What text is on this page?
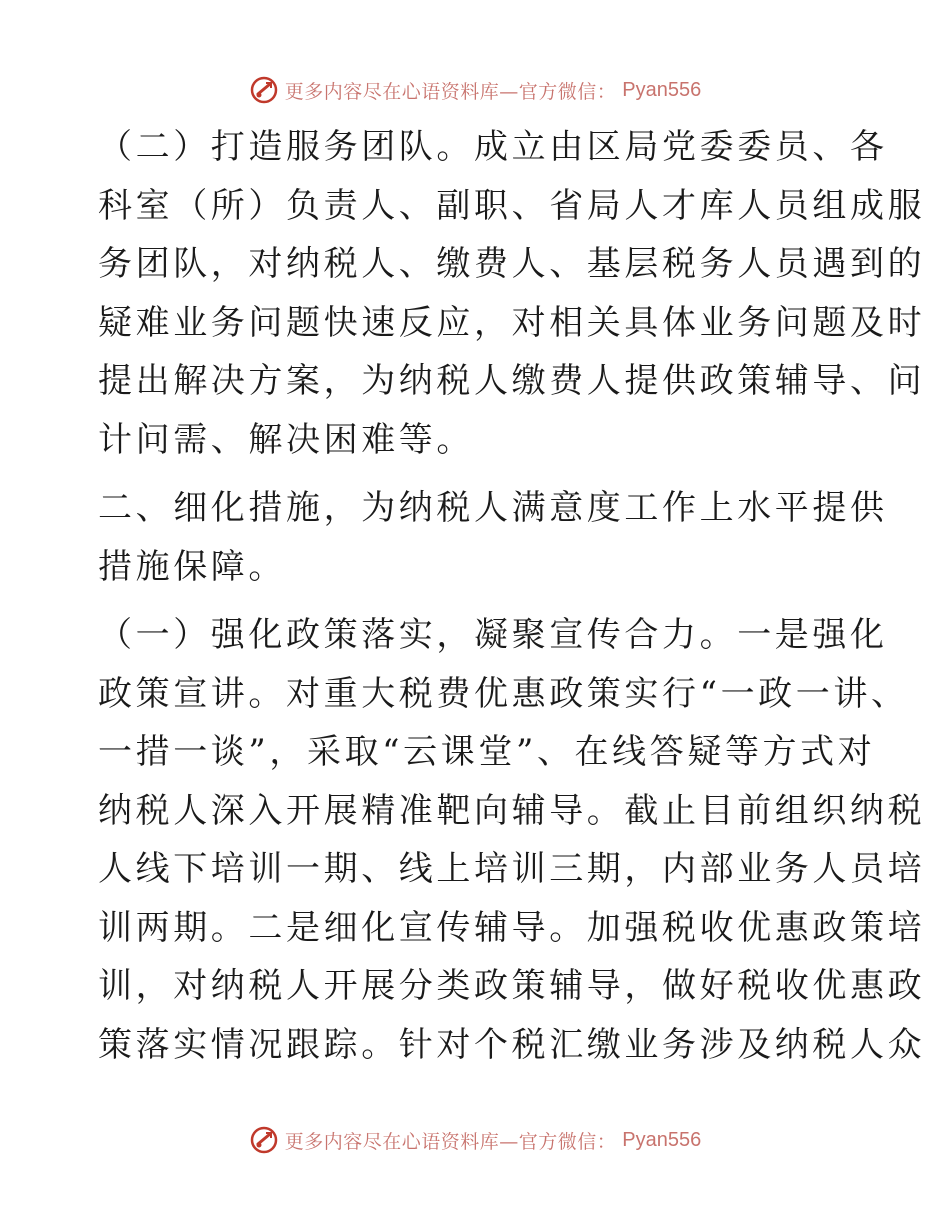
更多内容尽在心语资料库—官方微信： Pyan556

（二）打造服务团队。成立由区局党委委员、各
科室（所）负责人、副职、省局人才库人员组成服
务团队，对纳税人、缴费人、基层税务人员遇到的
疑难业务问题快速反应，对相关具体业务问题及时
提出解决方案，为纳税人缴费人提供政策辅导、问
计问需、解决困难等。

二、细化措施，为纳税人满意度工作上水平提供
措施保障。

（一）强化政策落实，凝聚宣传合力。一是强化
政策宣讲。对重大税费优惠政策实行“一政一讲、
一措一谈”，采取“云课堂”、在线答疑等方式对
纳税人深入开展精准靶向辅导。截止目前组织纳税
人线下培训一期、线上培训三期，内部业务人员培
训两期。二是细化宣传辅导。加强税收优惠政策培
训，对纳税人开展分类政策辅导，做好税收优惠政
策落实情况跟踪。针对个税汇缴业务涉及纳税人众

更多内容尽在心语资料库—官方微信： Pyan556
